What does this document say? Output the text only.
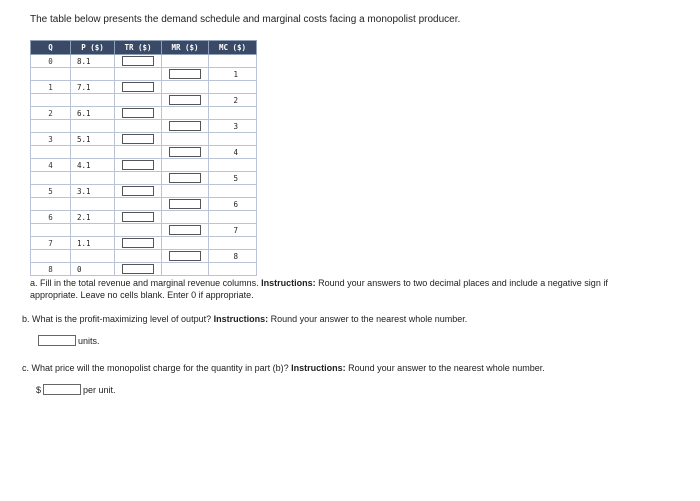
The table below presents the demand schedule and marginal costs facing a monopolist producer.
Q	P ($)	TR ($)	MR ($)	MC ($)
0	8.1			
				1
1	7.1			
				2
2	6.1			
				3
3	5.1			
				4
4	4.1			
				5
5	3.1			
				6
6	2.1			
				7
7	1.1			
				8
8	0			
a. Fill in the total revenue and marginal revenue columns. Instructions: Round your answers to two decimal places and include a negative sign if appropriate. Leave no cells blank. Enter 0 if appropriate.
b. What is the profit-maximizing level of output? Instructions: Round your answer to the nearest whole number.
units.
c. What price will the monopolist charge for the quantity in part (b)? Instructions: Round your answer to the nearest whole number.
$	per unit.
